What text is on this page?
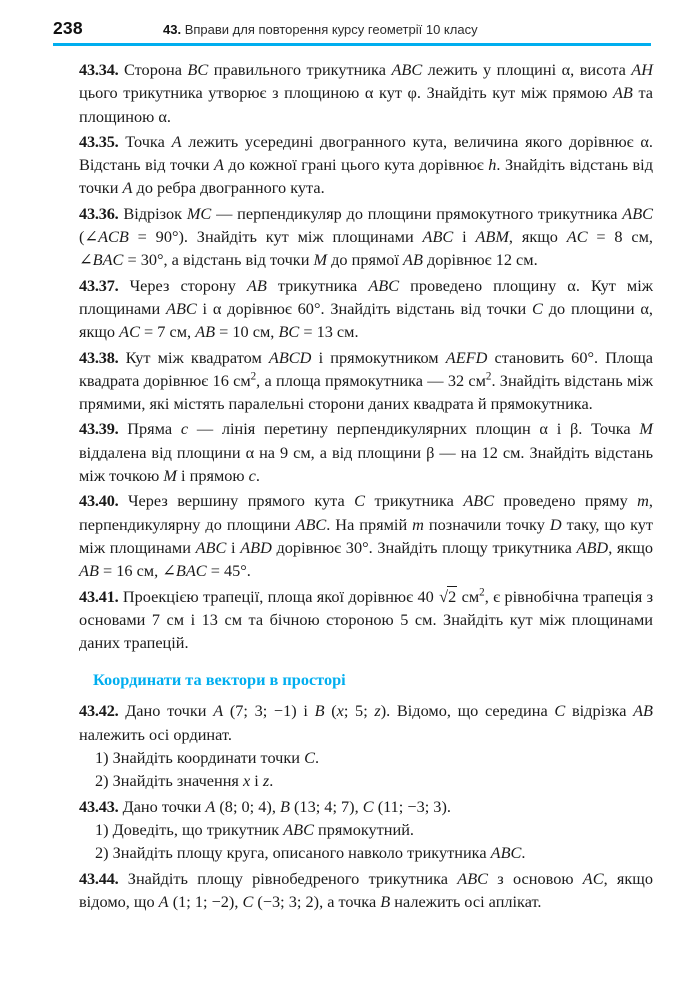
238	43. Вправи для повторення курсу геометрії 10 класу
43.34. Сторона BC правильного трикутника ABC лежить у площині α, висота AH цього трикутника утворює з площиною α кут φ. Знайдіть кут між прямою AB та площиною α.
43.35. Точка A лежить усередині двогранного кута, величина якого дорівнює α. Відстань від точки A до кожної грані цього кута дорівнює h. Знайдіть відстань від точки A до ребра двогранного кута.
43.36. Відрізок MC — перпендикуляр до площини прямокутного трикутника ABC (∠ACB = 90°). Знайдіть кут між площинами ABC і ABM, якщо AC = 8 см, ∠BAC = 30°, а відстань від точки M до прямої AB дорівнює 12 см.
43.37. Через сторону AB трикутника ABC проведено площину α. Кут між площинами ABC і α дорівнює 60°. Знайдіть відстань від точки C до площини α, якщо AC = 7 см, AB = 10 см, BC = 13 см.
43.38. Кут між квадратом ABCD і прямокутником AEFD становить 60°. Площа квадрата дорівнює 16 $см^2$, а площа прямокутника — 32 $см^2$. Знайдіть відстань між прямими, які містять паралельні сторони даних квадрата й прямокутника.
43.39. Пряма c — лінія перетину перпендикулярних площин α і β. Точка M віддалена від площини α на 9 см, а від площини β — на 12 см. Знайдіть відстань між точкою M і прямою c.
43.40. Через вершину прямого кута C трикутника ABC проведено пряму m, перпендикулярну до площини ABC. На прямій m позначили точку D таку, що кут між площинами ABC і ABD дорівнює 30°. Знайдіть площу трикутника ABD, якщо AB = 16 см, ∠BAC = 45°.
43.41. Проекцією трапеції, площа якої дорівнює 40 √2 $см^2$, є рівнобічна трапеція з основами 7 см і 13 см та бічною стороною 5 см. Знайдіть кут між площинами даних трапецій.
Координати та вектори в просторі
43.42. Дано точки A (7; 3; −1) і B (x; 5; z). Відомо, що середина C відрізка AB належить осі ординат.
1) Знайдіть координати точки C.
2) Знайдіть значення x і z.
43.43. Дано точки A (8; 0; 4), B (13; 4; 7), C (11; −3; 3).
1) Доведіть, що трикутник ABC прямокутний.
2) Знайдіть площу круга, описаного навколо трикутника ABC.
43.44. Знайдіть площу рівнобедреного трикутника ABC з основою AC, якщо відомо, що A (1; 1; −2), C (−3; 3; 2), а точка B належить осі аплікат.
